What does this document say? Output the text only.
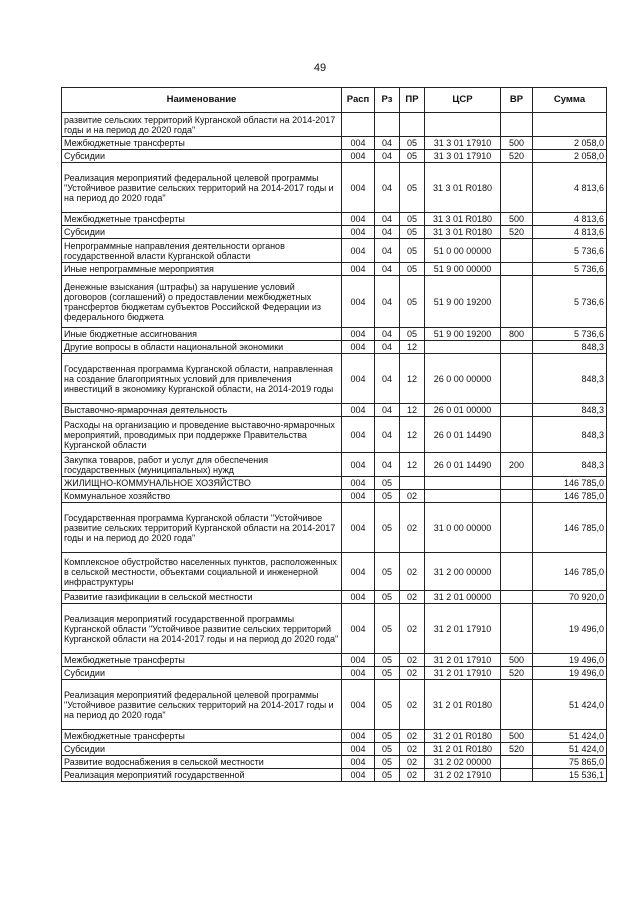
49
Наименование	Расп	Рз	ПР	ЦСР	ВР	Сумма
развитие сельских территорий Курганской области на 2014-2017 годы и на период до 2020 года"						
Межбюджетные трансферты	004	04	05	31 3 01 17910	500	2 058,0
Субсидии	004	04	05	31 3 01 17910	520	2 058,0
Реализация мероприятий федеральной целевой программы "Устойчивое развитие сельских территорий на 2014-2017 годы и на период до 2020 года"	004	04	05	31 3 01 R0180		4 813,6
Межбюджетные трансферты	004	04	05	31 3 01 R0180	500	4 813,6
Субсидии	004	04	05	31 3 01 R0180	520	4 813,6
Непрограммные направления деятельности органов государственной власти Курганской области	004	04	05	51 0 00 00000		5 736,6
Иные непрограммные мероприятия	004	04	05	51 9 00 00000		5 736,6
Денежные взыскания (штрафы) за нарушение условий договоров (соглашений) о предоставлении межбюджетных трансфертов бюджетам субъектов Российской Федерации из федерального бюджета	004	04	05	51 9 00 19200		5 736,6
Иные бюджетные ассигнования	004	04	05	51 9 00 19200	800	5 736,6
Другие вопросы в области национальной экономики	004	04	12			848,3
Государственная программа Курганской области, направленная на создание благоприятных условий для привлечения инвестиций в экономику Курганской области, на 2014-2019 годы	004	04	12	26 0 00 00000		848,3
Выставочно-ярмарочная деятельность	004	04	12	26 0 01 00000		848,3
Расходы на организацию и проведение выставочно-ярмарочных мероприятий, проводимых при поддержке Правительства Курганской области	004	04	12	26 0 01 14490		848,3
Закупка товаров, работ и услуг для обеспечения государственных (муниципальных) нужд	004	04	12	26 0 01 14490	200	848,3
ЖИЛИЩНО-КОММУНАЛЬНОЕ ХОЗЯЙСТВО	004	05				146 785,0
Коммунальное хозяйство	004	05	02			146 785,0
Государственная программа Курганской области "Устойчивое развитие сельских территорий Курганской области на 2014-2017 годы и на период до 2020 года"	004	05	02	31 0 00 00000		146 785,0
Комплексное обустройство населенных пунктов, расположенных в сельской местности, объектами социальной и инженерной инфраструктуры	004	05	02	31 2 00 00000		146 785,0
Развитие газификации в сельской местности	004	05	02	31 2 01 00000		70 920,0
Реализация мероприятий государственной программы Курганской области "Устойчивое развитие сельских территорий Курганской области на 2014-2017 годы и на период до 2020 года"	004	05	02	31 2 01 17910		19 496,0
Межбюджетные трансферты	004	05	02	31 2 01 17910	500	19 496,0
Субсидии	004	05	02	31 2 01 17910	520	19 496,0
Реализация мероприятий федеральной целевой программы "Устойчивое развитие сельских территорий на 2014-2017 годы и на период до 2020 года"	004	05	02	31 2 01 R0180		51 424,0
Межбюджетные трансферты	004	05	02	31 2 01 R0180	500	51 424,0
Субсидии	004	05	02	31 2 01 R0180	520	51 424,0
Развитие водоснабжения в сельской местности	004	05	02	31 2 02 00000		75 865,0
Реализация мероприятий государственной	004	05	02	31 2 02 17910		15 536,1
